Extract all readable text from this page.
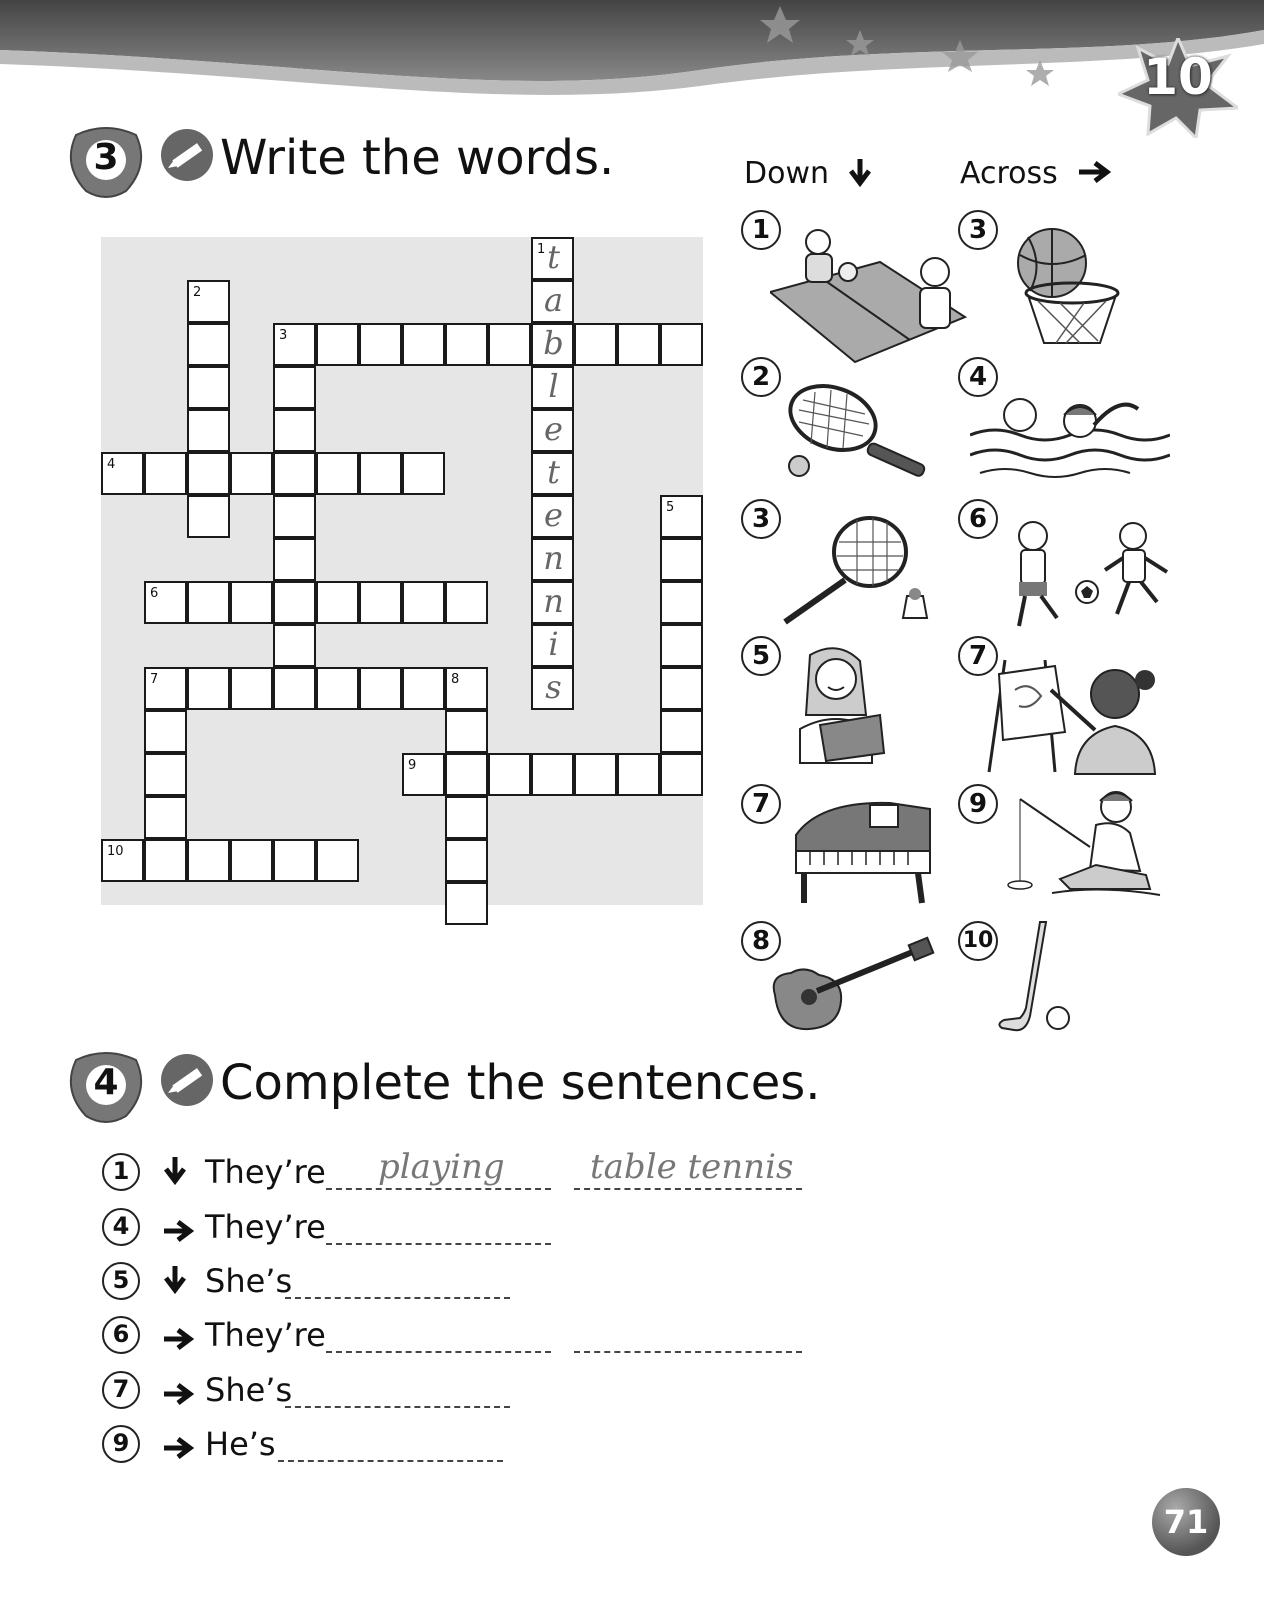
10
3 Write the words.
1
2
3
4
5
6
7	8
9
10
t
a
b
l
e
t
e
n
n
i
s
Down	Across
1
2
3
5
7
8
3
4
6
7
9
10
4 Complete the sentences.
1	They’re playing	table tennis
4	They’re
5	She’s
6	They’re
7	She’s
9	He’s
71
